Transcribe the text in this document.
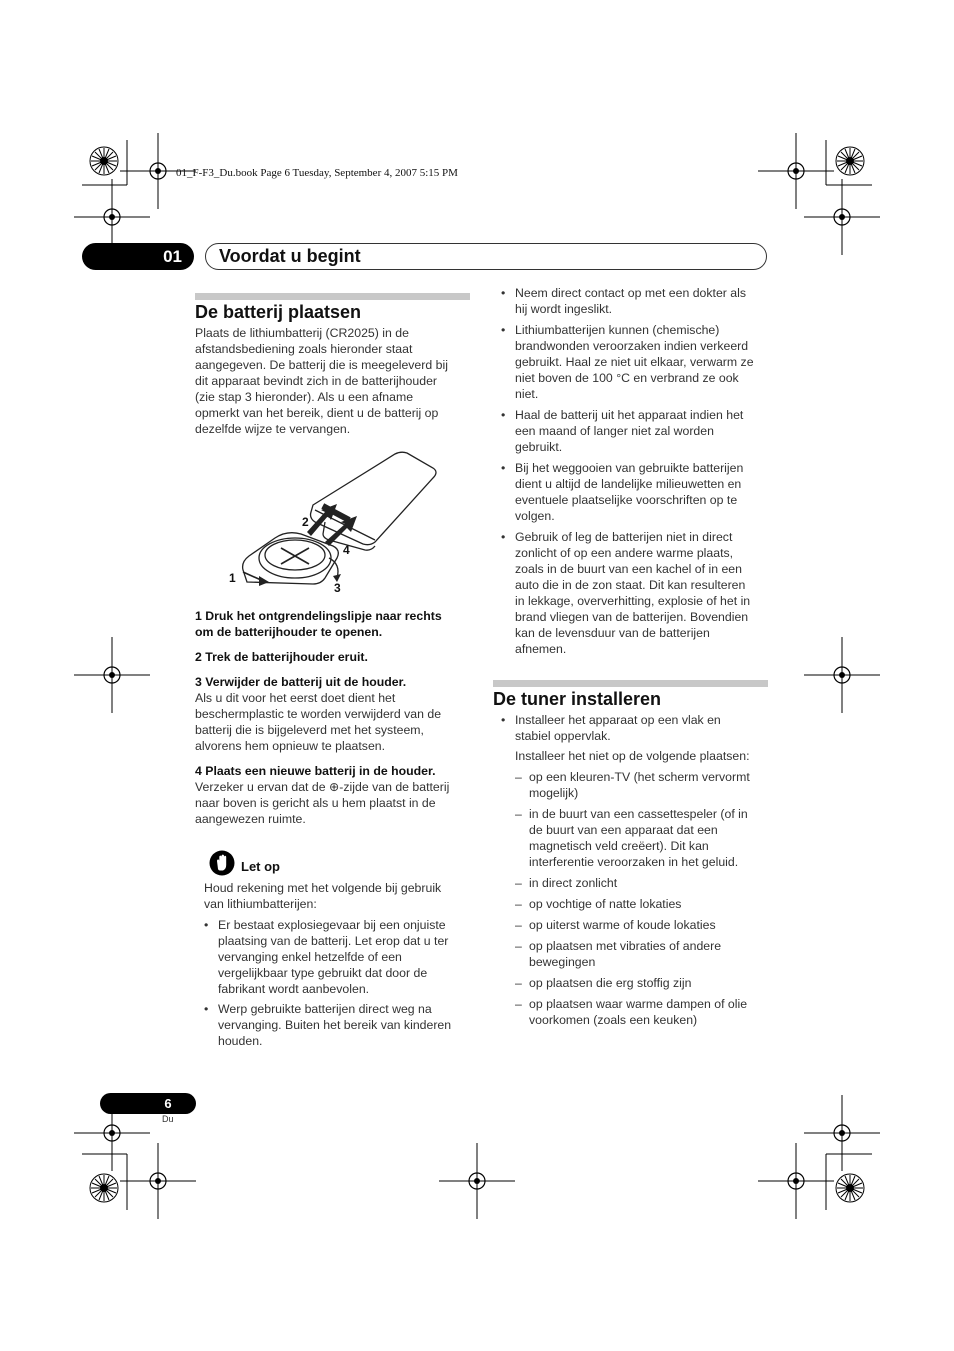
01_F-F3_Du.book Page 6 Tuesday, September 4, 2007 5:15 PM
01 Voordat u begint
De batterij plaatsen
Plaats de lithiumbatterij (CR2025) in de
afstandsbediening zoals hieronder staat
aangegeven. De batterij die is meegeleverd bij
dit apparaat bevindt zich in de batterijhouder
(zie stap 3 hieronder). Als u een afname
opmerkt van het bereik, dient u de batterij op
dezelfde wijze te vervangen.
1
2
3
4
1 Druk het ontgrendelingslipje naar rechts
om de batterijhouder te openen.
2 Trek de batterijhouder eruit.
3 Verwijder de batterij uit de houder.
Als u dit voor het eerst doet dient het
beschermplastic te worden verwijderd van de
batterij die is bijgeleverd met het systeem,
alvorens hem opnieuw te plaatsen.
4 Plaats een nieuwe batterij in de houder.
Verzeker u ervan dat de ⊕-zijde van de batterij
naar boven is gericht als u hem plaatst in de
aangewezen ruimte.
Let op
Houd rekening met het volgende bij gebruik
van lithiumbatterijen:
• Er bestaat explosiegevaar bij een onjuiste
plaatsing van de batterij. Let erop dat u ter
vervanging enkel hetzelfde of een
vergelijkbaar type gebruikt dat door de
fabrikant wordt aanbevolen.
• Werp gebruikte batterijen direct weg na
vervanging. Buiten het bereik van kinderen
houden.
• Neem direct contact op met een dokter als
hij wordt ingeslikt.
• Lithiumbatterijen kunnen (chemische)
brandwonden veroorzaken indien verkeerd
gebruikt. Haal ze niet uit elkaar, verwarm ze
niet boven de 100 °C en verbrand ze ook
niet.
• Haal de batterij uit het apparaat indien het
een maand of langer niet zal worden
gebruikt.
• Bij het weggooien van gebruikte batterijen
dient u altijd de landelijke milieuwetten en
eventuele plaatselijke voorschriften op te
volgen.
• Gebruik of leg de batterijen niet in direct
zonlicht of op een andere warme plaats,
zoals in de buurt van een kachel of in een
auto die in de zon staat. Dit kan resulteren
in lekkage, oververhitting, explosie of het in
brand vliegen van de batterijen. Bovendien
kan de levensduur van de batterijen
afnemen.
De tuner installeren
• Installeer het apparaat op een vlak en
stabiel oppervlak.
Installeer het niet op de volgende plaatsen:
– op een kleuren-TV (het scherm vervormt
mogelijk)
– in de buurt van een cassettespeler (of in
de buurt van een apparaat dat een
magnetisch veld creëert). Dit kan
interferentie veroorzaken in het geluid.
– in direct zonlicht
– op vochtige of natte lokaties
– op uiterst warme of koude lokaties
– op plaatsen met vibraties of andere
bewegingen
– op plaatsen die erg stoffig zijn
– op plaatsen waar warme dampen of olie
voorkomen (zoals een keuken)
6
Du
